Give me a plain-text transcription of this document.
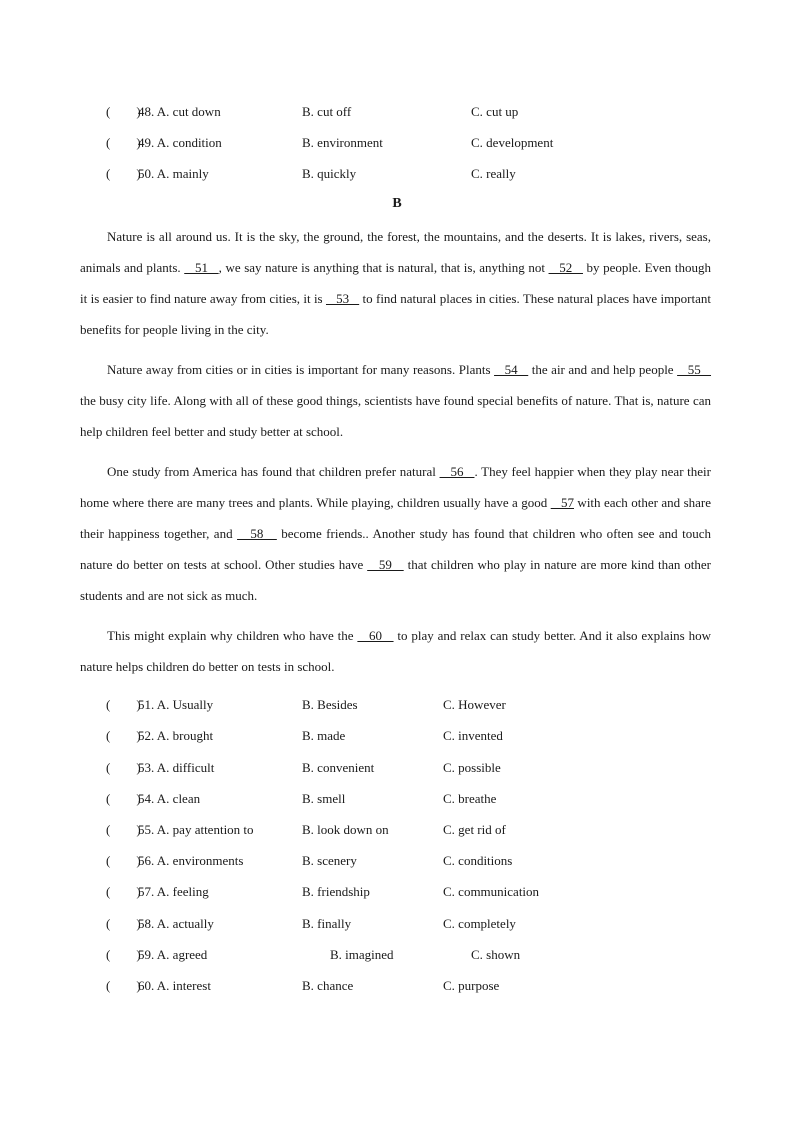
(　　)
48. A. cut down	B. cut off	C. cut up
(　　)
49. A. condition	B. environment	C. development
(　　)
50. A. mainly	B. quickly	C. really
B

Nature is all around us. It is the sky, the ground, the forest, the mountains, and the deserts. It is lakes, rivers, seas, animals and plants.    51   , we say nature is anything that is natural, that is, anything not    52    by people. Even though it is easier to find nature away from cities, it is    53    to find natural places in cities. These natural places have important benefits for people living in the city.

Nature away from cities or in cities is important for many reasons. Plants    54    the air and and help people    55    the busy city life. Along with all of these good things, scientists have found special benefits of nature. That is, nature can help children feel better and study better at school.

One study from America has found that children prefer natural    56   . They feel happier when they play near their home where there are many trees and plants. While playing, children usually have a good    57 with each other and share their happiness together, and    58    become friends.. Another study has found that children who often see and touch nature do better on tests at school. Other studies have    59    that children who play in nature are more kind than other students and are not sick as much.

This might explain why children who have the    60    to play and relax can study better. And it also explains how nature helps children do better on tests in school.

(　　)
51. A. Usually	B. Besides	C. However
(　　)
52. A. brought	B. made	C. invented
(　　)
53. A. difficult	B. convenient	C. possible
(　　)
54. A. clean	B. smell	C. breathe
(　　)
55. A. pay attention to	B. look down on	C. get rid of
(　　)
56. A. environments	B. scenery	C. conditions
(　　)
57. A. feeling	B. friendship	C. communication
(　　)
58. A. actually	B. finally	C. completely
(　　)
59. A. agreed	B. imagined	C. shown
(　　)
60. A. interest	B. chance	C. purpose
